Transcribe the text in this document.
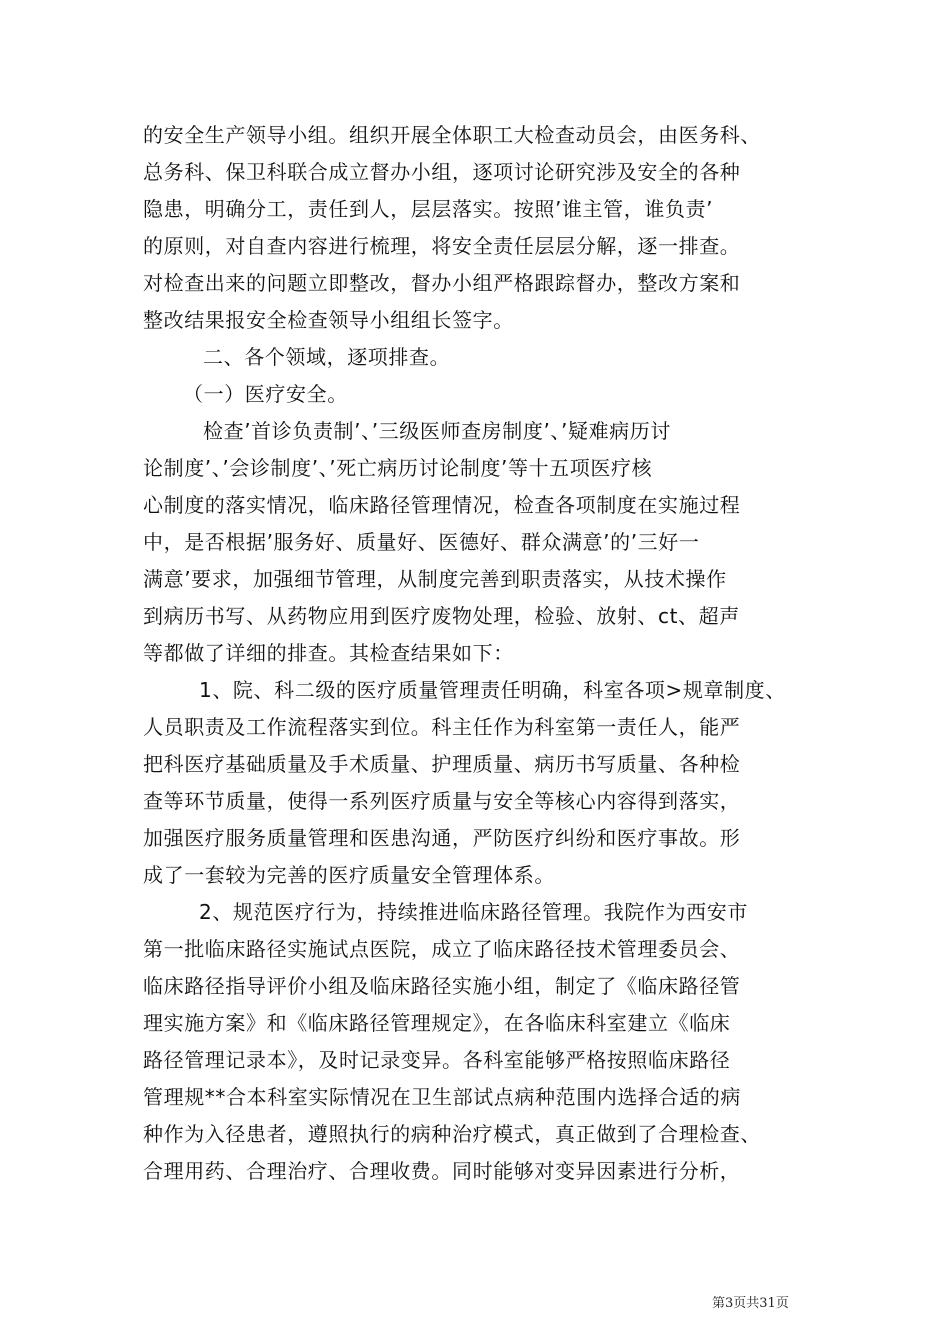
的安全生产领导小组。组织开展全体职工大检查动员会，由医务科、
总务科、保卫科联合成立督办小组，逐项讨论研究涉及安全的各种
隐患，明确分工，责任到人，层层落实。按照’谁主管，谁负责’
的原则，对自查内容进行梳理，将安全责任层层分解，逐一排查。
对检查出来的问题立即整改，督办小组严格跟踪督办，整改方案和
整改结果报安全检查领导小组组长签字。
二、各个领域，逐项排查。
（一）医疗安全。
检查’首诊负责制’、’三级医师查房制度’、’疑难病历讨
论制度’、’会诊制度’、’死亡病历讨论制度’等十五项医疗核
心制度的落实情况，临床路径管理情况，检查各项制度在实施过程
中，是否根据’服务好、质量好、医德好、群众满意’的’三好一
满意’要求，加强细节管理，从制度完善到职责落实，从技术操作
到病历书写、从药物应用到医疗废物处理，检验、放射、ct、超声
等都做了详细的排查。其检查结果如下：
1、院、科二级的医疗质量管理责任明确，科室各项>规章制度、
人员职责及工作流程落实到位。科主任作为科室第一责任人，能严
把科医疗基础质量及手术质量、护理质量、病历书写质量、各种检
查等环节质量，使得一系列医疗质量与安全等核心内容得到落实，
加强医疗服务质量管理和医患沟通，严防医疗纠纷和医疗事故。形
成了一套较为完善的医疗质量安全管理体系。
2、规范医疗行为，持续推进临床路径管理。我院作为西安市
第一批临床路径实施试点医院，成立了临床路径技术管理委员会、
临床路径指导评价小组及临床路径实施小组，制定了《临床路径管
理实施方案》和《临床路径管理规定》，在各临床科室建立《临床
路径管理记录本》，及时记录变异。各科室能够严格按照临床路径
管理规**合本科室实际情况在卫生部试点病种范围内选择合适的病
种作为入径患者，遵照执行的病种治疗模式，真正做到了合理检查、
合理用药、合理治疗、合理收费。同时能够对变异因素进行分析，
第3页共31页
